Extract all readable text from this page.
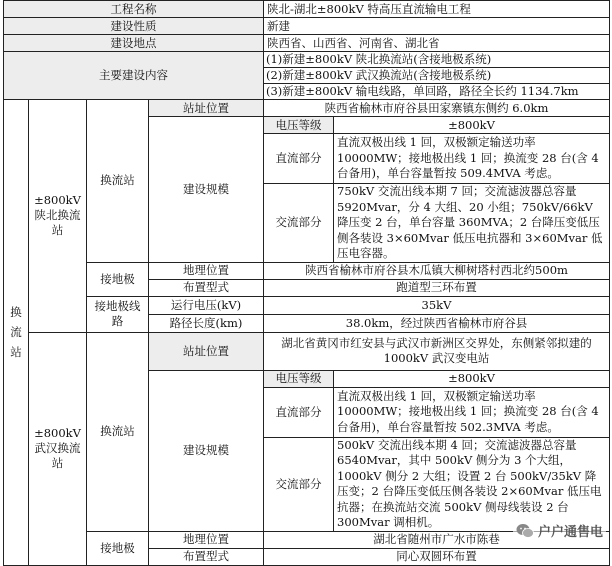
工程名称				陕北-湖北±800kV 特高压直流输电工程	
建设性质				新建	
建设地点				陕西省、山西省、河南省、湖北省	
主要建设内容				(1)新建±800kV 陕北换流站(含接地极系统)	
				(2)新建±800kV 武汉换流站(含接地极系统)	
				(3)新建±800kV 输电线路，单回路，路径全长约 1134.7km	
换流站	±800kV 陕北换流站	换流站	站址位置	陕西省榆林市府谷县田家寨镇东侧约 6.0km	
			建设规模	电压等级	±800kV
				直流部分	直流双极出线 1 回，双极额定输送功率 10000MW；接地极出线 1 回；换流变 28 台(含 4 台备用)，单台容量暂按 509.4MVA 考虑。
				交流部分	750kV 交流出线本期 7 回；交流滤波器总容量 5920Mvar，分 4 大组、20 小组；750kV/66kV 降压变 2 台，单台容量 360MVA；2 台降压变低压侧各装设 3×60Mvar 低压电抗器和 3×60Mvar 低压电容器。

		接地极	地理位置	陕西省榆林市府谷县木瓜镇大柳树塔村西北约500m	
			布置型式	跑道型三环布置	
		接地极线路	运行电压(kV)	35kV	
			路径长度(km)	38.0km，经过陕西省榆林市府谷县	
	±800kV 武汉换流站	换流站	站址位置	湖北省黄冈市红安县与武汉市新洲区交界处，东侧紧邻拟建的 1000kV 武汉变电站	
			建设规模	电压等级	±800kV
				直流部分	直流双极出线 1 回，双极额定输送功率 10000MW；接地极出线 1 回；换流变 28 台(含 4 台备用)，单台容量暂按 502.3MVA 考虑。
				交流部分	500kV 交流出线本期 4 回；交流滤波器总容量 6540Mvar，其中 500kV 侧分为 3 个大组，1000kV 侧分 2 大组；设置 2 台 500kV/35kV 降压变；2 台降压变低压侧各装设 2×60Mvar 低压电抗器；在换流站交流 500kV 侧母线装设 2 台 300Mvar 调相机。

		接地极	地理位置	湖北省随州市广水市陈巷	
			布置型式	同心双圆环布置	
户户通售电
